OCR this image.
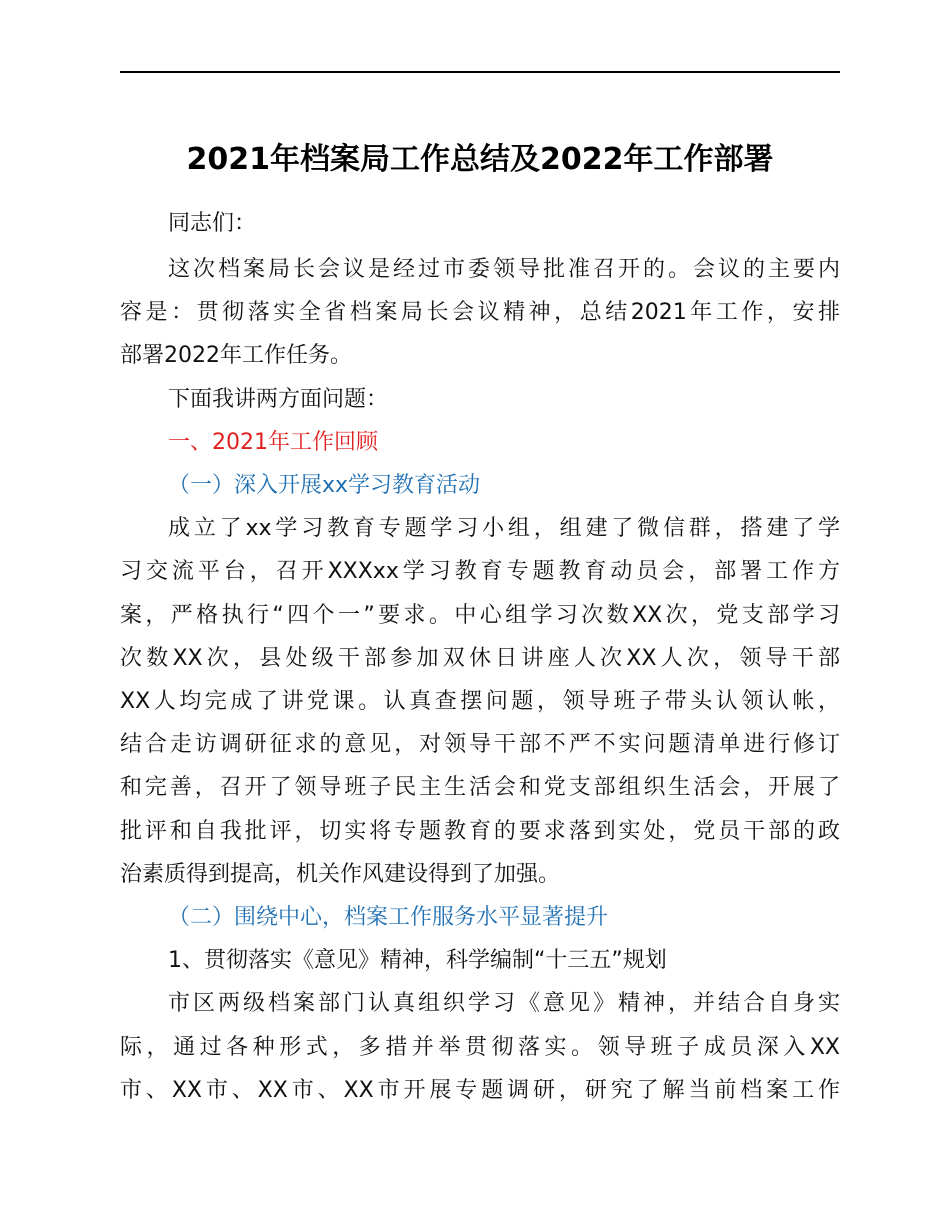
2021年档案局工作总结及2022年工作部署
同志们：
这次档案局长会议是经过市委领导批准召开的。会议的主要内
容是：贯彻落实全省档案局长会议精神，总结2021年工作，安排
部署2022年工作任务。
下面我讲两方面问题：
一、2021年工作回顾
（一）深入开展xx学习教育活动
成立了xx学习教育专题学习小组，组建了微信群，搭建了学
习交流平台，召开XXXxx学习教育专题教育动员会，部署工作方
案，严格执行“四个一”要求。中心组学习次数XX次，党支部学习
次数XX次，县处级干部参加双休日讲座人次XX人次，领导干部
XX人均完成了讲党课。认真查摆问题，领导班子带头认领认帐，
结合走访调研征求的意见，对领导干部不严不实问题清单进行修订
和完善，召开了领导班子民主生活会和党支部组织生活会，开展了
批评和自我批评，切实将专题教育的要求落到实处，党员干部的政
治素质得到提高，机关作风建设得到了加强。
（二）围绕中心，档案工作服务水平显著提升
1、贯彻落实《意见》精神，科学编制“十三五”规划
市区两级档案部门认真组织学习《意见》精神，并结合自身实
际，通过各种形式，多措并举贯彻落实。领导班子成员深入XX
市、XX市、XX市、XX市开展专题调研，研究了解当前档案工作
